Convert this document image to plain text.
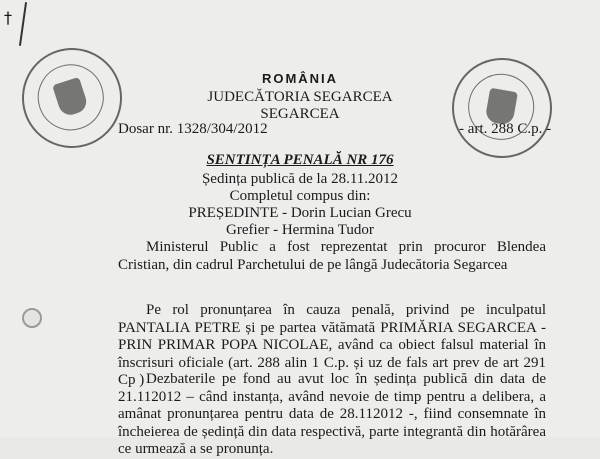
†
ROMÂNIA
JUDECĂTORIA SEGARCEA
SEGARCEA
Dosar nr. 1328/304/2012	- art. 288 C.p. -
SENTINȚA PENALĂ NR 176
Ședința publică de la 28.11.2012
Completul compus din:
PREȘEDINTE - Dorin Lucian Grecu
Grefier - Hermina Tudor
Ministerul Public a fost reprezentat prin procuror Blendea Cristian, din cadrul Parchetului de pe lângă Judecătoria Segarcea
Pe rol pronunțarea în cauza penală, privind pe inculpatul PANTALIA PETRE și pe partea vătămată PRIMĂRIA SEGARCEA - PRIN PRIMAR POPA NICOLAE, având ca obiect falsul material în înscrisuri oficiale (art. 288 alin 1 C.p. și uz de fals art prev de art 291 Cp ) Dezbaterile pe fond au avut loc în ședința publică din data de 21.112012 – când instanța, având nevoie de timp pentru a delibera, a amânat pronunțarea pentru data de 28.112012 -, fiind consemnate în încheierea de ședință din data respectivă, parte integrantă din hotărârea ce urmează a se pronunța.
